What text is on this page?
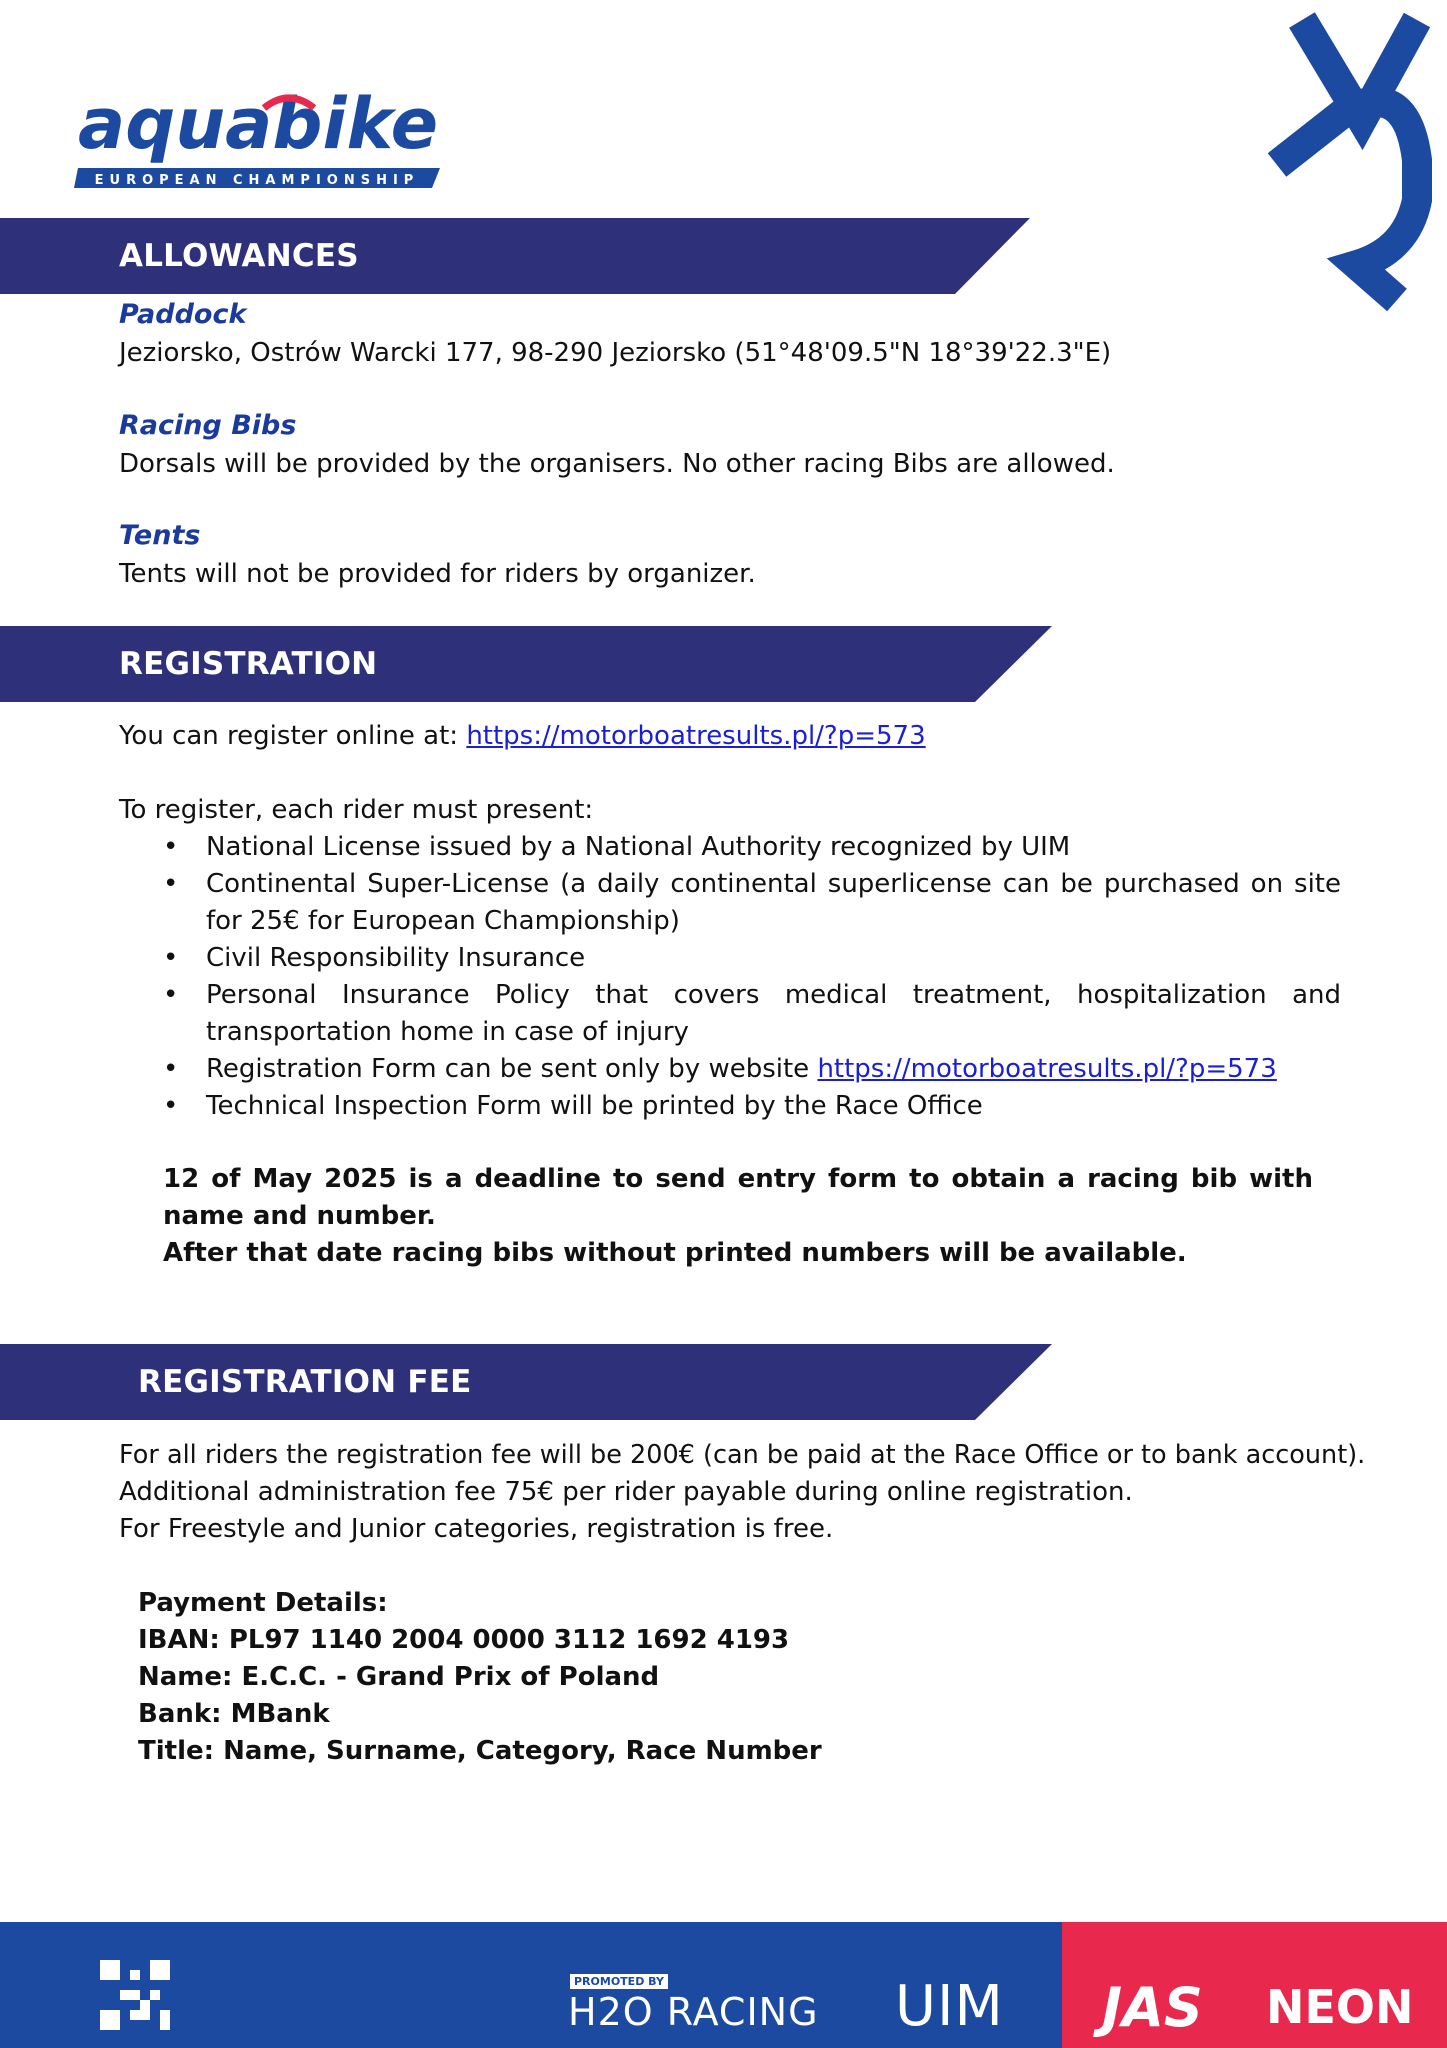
aquabike
EUROPEAN CHAMPIONSHIP
ALLOWANCES
Paddock
Jeziorsko, Ostrów Warcki 177, 98-290 Jeziorsko (51°48'09.5"N 18°39'22.3"E)
Racing Bibs
Dorsals will be provided by the organisers. No other racing Bibs are allowed.
Tents
Tents will not be provided for riders by organizer.
REGISTRATION
You can register online at: https://motorboatresults.pl/?p=573
To register, each rider must present:
• National License issued by a National Authority recognized by UIM
• Continental Super-License (a daily continental superlicense can be purchased on site for 25€ for European Championship)
• Civil Responsibility Insurance
• Personal Insurance Policy that covers medical treatment, hospitalization and transportation home in case of injury
• Registration Form can be sent only by website https://motorboatresults.pl/?p=573
• Technical Inspection Form will be printed by the Race Office
12 of May 2025 is a deadline to send entry form to obtain a racing bib with name and number.
After that date racing bibs without printed numbers will be available.
REGISTRATION FEE
For all riders the registration fee will be 200€ (can be paid at the Race Office or to bank account).
Additional administration fee 75€ per rider payable during online registration.
For Freestyle and Junior categories, registration is free.
Payment Details:
IBAN: PL97 1140 2004 0000 3112 1692 4193
Name: E.C.C. - Grand Prix of Poland
Bank: MBank
Title: Name, Surname, Category, Race Number
PROMOTED BY
H2O RACING UIM JAS NEON
